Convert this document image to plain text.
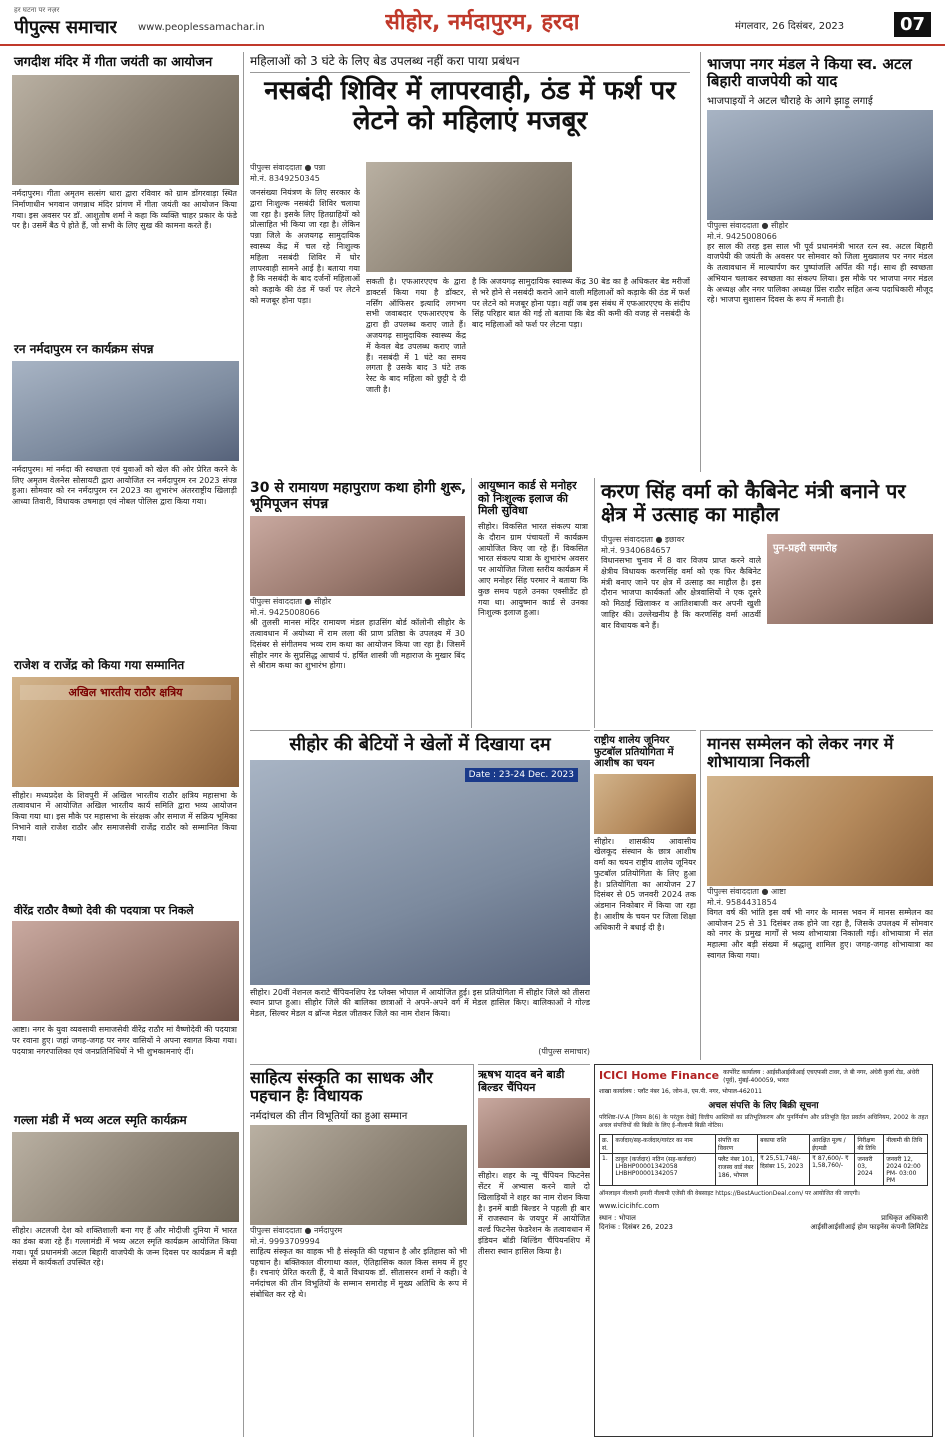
हर घटना पर नज़र
पीपुल्स समाचार www.peoplessamachar.in	सीहोर, नर्मदापुरम, हरदा	मंगलवार, 26 दिसंबर, 2023	07
जगदीश मंदिर में गीता जयंती का आयोजन

नर्मदापुरम। गीता अमृतम सत्संग धारा द्वारा रविवार को ग्राम डोंगरवाड़ा स्थित निर्माणाधीन भगवान जगन्नाथ मंदिर प्रांगण में गीता जयंती का आयोजन किया गया। इस अवसर पर डॉ. आशुतोष शर्मा ने कहा कि व्यक्ति चाहर प्रकार के फंडे पर है। उसमें बैठ पे होते हैं, जो सभी के लिए सुख की कामना करते हैं।

रन नर्मदापुरम रन कार्यक्रम संपन्न

नर्मदापुरम। मां नर्मदा की स्वच्छता एवं युवाओं को खेल की ओर प्रेरित करने के लिए अमृतम वेलनेस सोसायटी द्वारा आयोजित रन नर्मदापुरम रन 2023 संपन्न हुआ। सोमवार को रन नर्मदापुरम रन 2023 का शुभारंभ अंतरराष्ट्रीय खिलाड़ी आध्या तिवारी, विधायक उषमाहा एवं नोबल पोलिस द्वारा किया गया।

राजेश व राजेंद्र को किया गया सम्मानित
अखिल भारतीय राठौर क्षत्रिय

सीहोर। मध्यप्रदेश के शिवपुरी में अखिल भारतीय राठौर क्षत्रिय महासभा के तत्वावधान में आयोजित अखिल भारतीय कार्य समिति द्वारा भव्य आयोजन किया गया था। इस मौके पर महासभा के संरक्षक और समाज में सक्रिय भूमिका निभाने वाले राजेश राठौर और समाजसेवी राजेंद्र राठौर को सम्मानित किया गया।

वीरेंद्र राठौर वैष्णो देवी की पदयात्रा पर निकले

आष्टा। नगर के युवा व्यवसायी समाजसेवी वीरेंद्र राठौर मां वैष्णोदेवी की पदयात्रा पर रवाना हुए। जहां जगह-जगह पर नगर वासियों ने अपना स्वागत किया गया। पदयात्रा नगरपालिका एवं जनप्रतिनिधियों ने भी शुभकामनाएं दीं।

गल्ला मंडी में भव्य अटल स्मृति कार्यक्रम

सीहोर। अटलजी देश को शक्तिशाली बना गए हैं और मोदीजी दुनिया में भारत का डंका बजा रहे हैं। गल्लामंडी में भव्य अटल स्मृति कार्यक्रम आयोजित किया गया। पूर्व प्रधानमंत्री अटल बिहारी वाजपेयी के जन्म दिवस पर कार्यक्रम में बड़ी संख्या में कार्यकर्ता उपस्थित रहे।

महिलाओं को 3 घंटे के लिए बेड उपलब्ध नहीं करा पाया प्रबंधन
नसबंदी शिविर में लापरवाही, ठंड में फर्श पर लेटने को महिलाएं मजबूर
पीपुल्स संवाददाता ● पन्ना
मो.नं. 8349250345

जनसंख्या नियंत्रण के लिए सरकार के द्वारा निःशुल्क नसबंदी शिविर चलाया जा रहा है। इसके लिए हितग्राहियों को प्रोत्साहित भी किया जा रहा है। लेकिन पन्ना जिले के अजयगढ़ सामुदायिक स्वास्थ्य केंद्र में चल रहे निःशुल्क महिला नसबंदी शिविर में घोर लापरवाही सामने आई है। बताया गया है कि नसबंदी के बाद दर्जनों महिलाओं को कड़ाके की ठंड में फर्श पर लेटने को मजबूर होना पड़ा।

सकती है। एफआरएएच के द्वारा डाक्टर्स किया गया है डॉक्टर, नर्सिंग ऑफिसर इत्यादि लगभग सभी जवाबदार एफआरएएच के द्वारा ही उपलब्ध कराए जाते हैं। अजयगढ़ सामुदायिक स्वास्थ्य केंद्र में केवल बेड उपलब्ध कराए जाते हैं। नसबंदी में 1 घंटे का समय लगता है उसके बाद 3 घंटे तक रेस्ट के बाद महिला को छुट्टी दे दी जाती है।

है कि अजयगढ़ सामुदायिक स्वास्थ्य केंद्र 30 बेड का है अधिकतर बेड मरीजों से भरे होने से नसबंदी कराने आने वाली महिलाओं को कड़ाके की ठंड में फर्श पर लेटने को मजबूर होना पड़ा। वहीं जब इस संबंध में एफआरएएच के संदीप सिंह परिहार बात की गई तो बताया कि बेड की कमी की वजह से नसबंदी के बाद महिलाओं को फर्श पर लेटना पड़ा।

30 से रामायण महापुराण कथा होगी शुरू, भूमिपूजन संपन्न
पीपुल्स संवाददाता ● सीहोर
मो.नं. 9425008066

श्री तुलसी मानस मंदिर रामायण मंडल हाउसिंग बोर्ड कॉलोनी सीहोर के तत्वावधान में अयोध्या में राम लला की प्राण प्रतिष्ठा के उपलक्ष्य में 30 दिसंबर से संगीतमय भव्य राम कथा का आयोजन किया जा रहा है। जिसमें सीहोर नगर के सुप्रसिद्ध आचार्य पं. हर्षित शास्त्री जी महाराज के मुखार बिंद से श्रीराम कथा का शुभारंभ होगा।

आयुष्मान कार्ड से मनोहर को निःशुल्क इलाज की मिली सुविधा

सीहोर। विकसित भारत संकल्प यात्रा के दौरान ग्राम पंचायतों में कार्यक्रम आयोजित किए जा रहे हैं। विकसित भारत संकल्प यात्रा के शुभारंभ अवसर पर आयोजित जिला स्तरीय कार्यक्रम में आए मनोहर सिंह परमार ने बताया कि कुछ समय पहले उनका एक्सीडेंट हो गया था। आयुष्मान कार्ड से उनका निःशुल्क इलाज हुआ।

सीहोर की बेटियों ने खेलों में दिखाया दम
Date : 23-24 Dec. 2023

सीहोर। 20वीं नेशनल कराटे चैंपियनशिप रेड प्लेक्स भोपाल में आयोजित हुई। इस प्रतियोगिता में सीहोर जिले को तीसरा स्थान प्राप्त हुआ। सीहोर जिले की बालिका छात्राओं ने अपने-अपने वर्ग में मेडल हासिल किए। बालिकाओं ने गोल्ड मेडल, सिल्वर मेडल व ब्रॉन्ज मेडल जीतकर जिले का नाम रोशन किया।

(पीपुल्स समाचार)
राष्ट्रीय शालेय जूनियर फुटबॉल प्रतियोगिता में आशीष का चयन

सीहोर। शासकीय आवासीय खेलकूद संस्थान के छात्र आशीष वर्मा का चयन राष्ट्रीय शालेय जूनियर फुटबॉल प्रतियोगिता के लिए हुआ है। प्रतियोगिता का आयोजन 27 दिसंबर से 05 जनवरी 2024 तक अंडमान निकोबार में किया जा रहा है। आशीष के चयन पर जिला शिक्षा अधिकारी ने बधाई दी है।

साहित्य संस्कृति का साधक और पहचान हैः विधायक
नर्मदांचल की तीन विभूतियों का हुआ सम्मान
पीपुल्स संवाददाता ● नर्मदापुरम
मो.नं. 9993709994

साहित्य संस्कृत का वाहक भी है संस्कृति की पहचान है और इतिहास को भी पहचान है। बक्तिकाल वीरगाथा काल, ऐतिहासिक काल किस समय में हुए हैं। रचनाएं प्रेरित करती हैं, ये बातें विधायक डॉ. सीतासरन शर्मा ने कही। वे नर्मदांचल की तीन विभूतियों के सम्मान समारोह में मुख्य अतिथि के रूप में संबोधित कर रहे थे।

ऋषभ यादव बने बाडी बिल्डर चैंपियन

सीहोर। शहर के न्यू चैंपियन फिटनेस सेंटर में अभ्यास करने वाले दो खिलाड़ियों ने शहर का नाम रोशन किया है। इनमें बाडी बिल्डर ने पहली ही बार में राजस्थान के जयपुर में आयोजित वर्ल्ड फिटनेस फेडरेशन के तत्वावधान में इंडियन बॉडी बिल्डिंग चैंपियनशिप में तीसरा स्थान हासिल किया है।

भाजपा नगर मंडल ने किया स्व. अटल बिहारी वाजपेयी को याद
भाजपाइयों ने अटल चौराहे के आगे झाड़ू लगाई
पीपुल्स संवाददाता ● सीहोर
मो.नं. 9425008066

हर साल की तरह इस साल भी पूर्व प्रधानमंत्री भारत रत्न स्व. अटल बिहारी वाजपेयी की जयंती के अवसर पर सोमवार को जिला मुख्यालय पर नगर मंडल के तत्वावधान में माल्यार्पण कर पुष्पांजलि अर्पित की गई। साथ ही स्वच्छता अभियान चलाकर स्वच्छता का संकल्प लिया। इस मौके पर भाजपा नगर मंडल के अध्यक्ष और नगर पालिका अध्यक्ष प्रिंस राठौर सहित अन्य पदाधिकारी मौजूद रहे। भाजपा सुशासन दिवस के रूप में मनाती है।

करण सिंह वर्मा को कैबिनेट मंत्री बनाने पर क्षेत्र में उत्साह का माहौल
पीपुल्स संवाददाता ● इछावर
मो.नं. 9340684657

विधानसभा चुनाव में 8 वार विजय प्राप्त करने वाले क्षेत्रीय विधायक करणसिंह वर्मा को एक फिर कैबिनेट मंत्री बनाए जाने पर क्षेत्र में उत्साह का माहौल है। इस दौरान भाजपा कार्यकर्ता और क्षेत्रवासियों ने एक दूसरे को मिठाई खिलाकर व आतिशबाजी कर अपनी खुशी जाहिर की। उल्लेखनीय है कि करणसिंह वर्मा आठवीं बार विधायक बने हैं।

पुन-प्रहरी समारोह
मानस सम्मेलन को लेकर नगर में शोभायात्रा निकली
पीपुल्स संवाददाता ● आष्टा
मो.नं. 9584431854

विगत वर्ष की भांति इस वर्ष भी नगर के मानस भवन में मानस सम्मेलन का आयोजन 25 से 31 दिसंबर तक होने जा रहा है, जिसके उपलक्ष्य में सोमवार को नगर के प्रमुख मार्गों से भव्य शोभायात्रा निकाली गई। शोभायात्रा में संत महात्मा और बड़ी संख्या में श्रद्धालु शामिल हुए। जगह-जगह शोभायात्रा का स्वागत किया गया।

ICICI Home Finance कार्पोरेट कार्यालय : आईसीआईसीआई एचएफसी टावर, जे बी नगर, अंधेरी कुर्ला रोड, अंधेरी (पूर्व), मुंबई-400059, भारत
शाखा कार्यालय : प्लॉट नंबर 16, जोन-II, एम.पी. नगर, भोपाल-462011
अचल संपत्ति के लिए बिक्री सूचना

परिशिष्ट-IV-A [नियम 8(6) के परंतुक देखें] वित्तीय आस्तियों का प्रतिभूतिकरण और पुनर्निर्माण और प्रतिभूति हित प्रवर्तन अधिनियम, 2002 के तहत अचल संपत्तियों की बिक्री के लिए ई-नीलामी बिक्री नोटिस।

क्र. सं.	कर्जदार/सह-कर्जदार/गारंटर का नाम	संपत्ति का विवरण	बकाया राशि	आरक्षित मूल्य / ईएमडी	निरीक्षण की तिथि	नीलामी की तिथि
1.	ठाकुर (कर्जदार) नतिन (सह-कर्जदार) LHBHP00001342058 LHBHP00001342057	फ्लैट नंबर 101, राजस्व वार्ड नंबर 186, भोपाल	₹ 25,51,748/- दिसंबर 15, 2023	₹ 87,600/- ₹ 1,58,760/-	जनवरी 03, 2024	जनवरी 12, 2024 02:00 PM- 03:00 PM

ऑनलाइन नीलामी हमारी नीलामी एजेंसी की वेबसाइट https://BestAuctionDeal.com/ पर आयोजित की जाएगी।

www.icicihfc.com
स्थान : भोपाल
दिनांक : दिसंबर 26, 2023
प्राधिकृत अधिकारी
आईसीआईसीआई होम फाइनेंस कंपनी लिमिटेड
